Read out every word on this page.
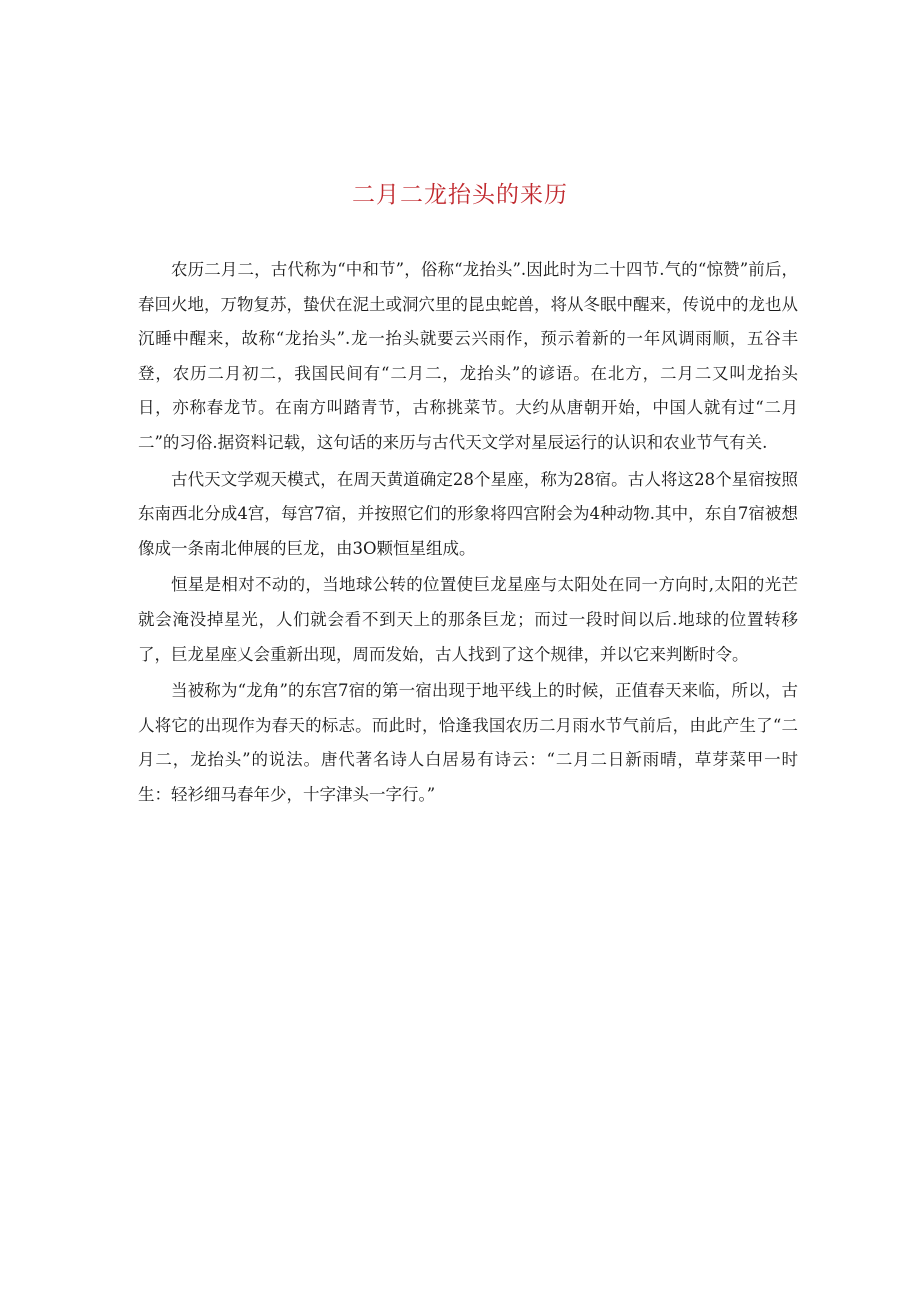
二月二龙抬头的来历

农历二月二，古代称为“中和节”，俗称“龙抬头”.因此时为二十四节.气的“惊赞”前后，春回火地，万物复苏，蛰伏在泥土或洞穴里的昆虫蛇兽，将从冬眠中醒来，传说中的龙也从沉睡中醒来，故称“龙抬头”.龙一抬头就要云兴雨作，预示着新的一年风调雨顺，五谷丰登，农历二月初二，我国民间有“二月二，龙抬头”的谚语。在北方，二月二又叫龙抬头日，亦称春龙节。在南方叫踏青节，古称挑菜节。大约从唐朝开始，中国人就有过“二月二”的习俗.据资料记载，这句话的来历与古代天文学对星辰运行的认识和农业节气有关.

古代天文学观天模式，在周天黄道确定28个星座，称为28宿。古人将这28个星宿按照东南西北分成4宫，每宫7宿，并按照它们的形象将四宫附会为4种动物.其中，东自7宿被想像成一条南北伸展的巨龙，由3O颗恒星组成。

恒星是相对不动的，当地球公转的位置使巨龙星座与太阳处在同一方向时,太阳的光芒就会淹没掉星光，人们就会看不到天上的那条巨龙；而过一段时间以后.地球的位置转移了，巨龙星座乂会重新出现，周而发始，古人找到了这个规律，并以它来判断时令。

当被称为“龙角”的东宫7宿的第一宿出现于地平线上的时候，正值春天来临，所以，古人将它的出现作为春天的标志。而此时，恰逢我国农历二月雨水节气前后，由此产生了“二月二，龙抬头”的说法。唐代著名诗人白居易有诗云：“二月二日新雨晴，草芽菜甲一时生：轻衫细马春年少，十字津头一字行。”
